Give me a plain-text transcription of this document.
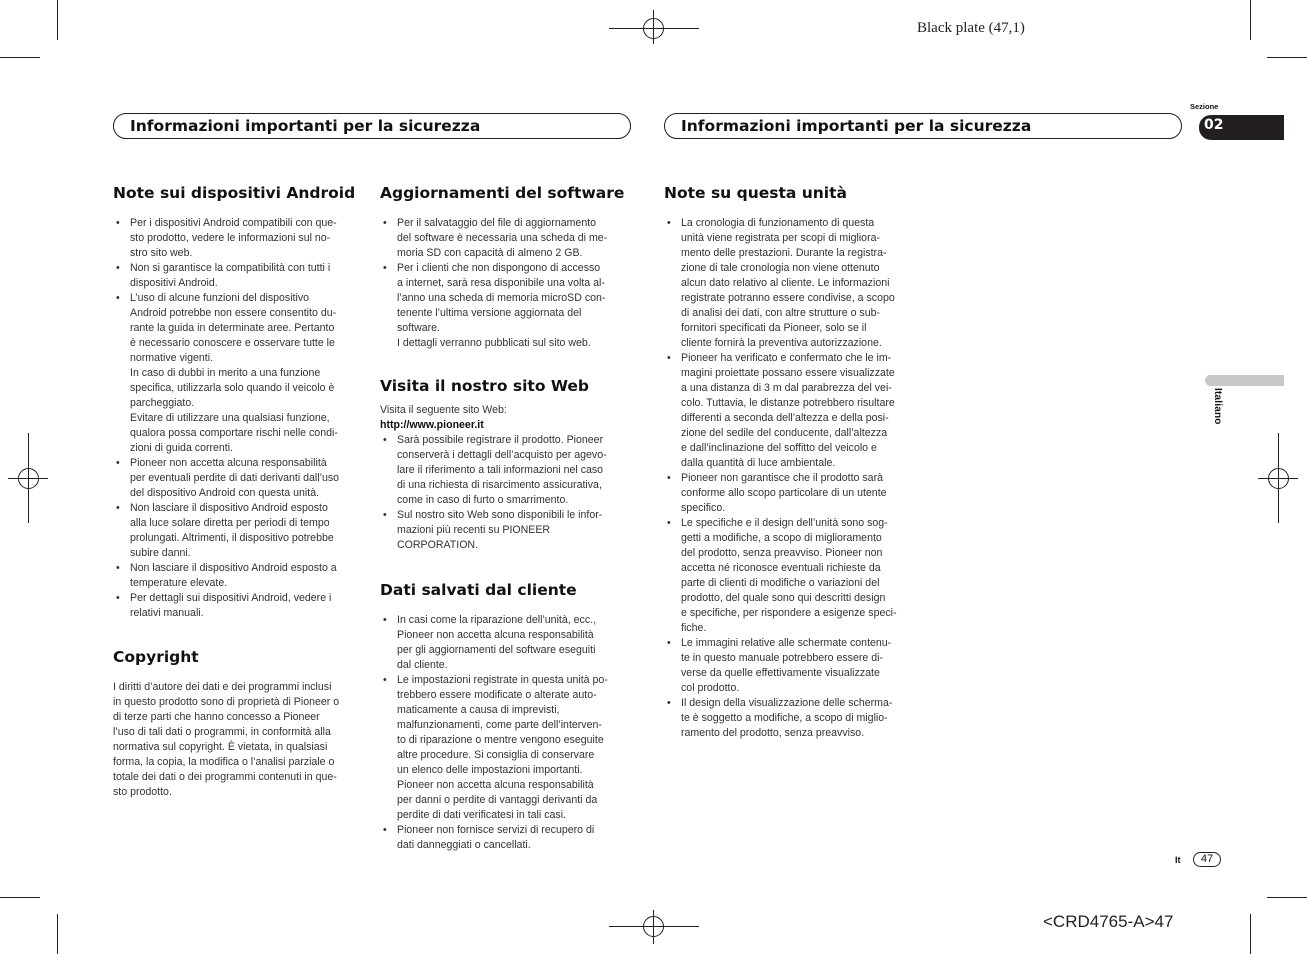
Black plate (47,1)
Informazioni importanti per la sicurezza	Informazioni importanti per la sicurezza
Sezione
02
Italiano
Note sui dispositivi Android
• Per i dispositivi Android compatibili con que-
sto prodotto, vedere le informazioni sul no-
stro sito web.
• Non si garantisce la compatibilità con tutti i
dispositivi Android.
• L’uso di alcune funzioni del dispositivo
Android potrebbe non essere consentito du-
rante la guida in determinate aree. Pertanto
è necessario conoscere e osservare tutte le
normative vigenti.
In caso di dubbi in merito a una funzione
specifica, utilizzarla solo quando il veicolo è
parcheggiato.
Evitare di utilizzare una qualsiasi funzione,
qualora possa comportare rischi nelle condi-
zioni di guida correnti.
• Pioneer non accetta alcuna responsabilità
per eventuali perdite di dati derivanti dall’uso
del dispositivo Android con questa unità.
• Non lasciare il dispositivo Android esposto
alla luce solare diretta per periodi di tempo
prolungati. Altrimenti, il dispositivo potrebbe
subire danni.
• Non lasciare il dispositivo Android esposto a
temperature elevate.
• Per dettagli sui dispositivi Android, vedere i
relativi manuali.
Copyright

I diritti d’autore dei dati e dei programmi inclusi
in questo prodotto sono di proprietà di Pioneer o
di terze parti che hanno concesso a Pioneer
l’uso di tali dati o programmi, in conformità alla
normativa sul copyright. È vietata, in qualsiasi
forma, la copia, la modifica o l’analisi parziale o
totale dei dati o dei programmi contenuti in que-
sto prodotto.

Aggiornamenti del software
• Per il salvataggio del file di aggiornamento
del software è necessaria una scheda di me-
moria SD con capacità di almeno 2 GB.
• Per i clienti che non dispongono di accesso
a internet, sarà resa disponibile una volta al-
l’anno una scheda di memoria microSD con-
tenente l’ultima versione aggiornata del
software.
I dettagli verranno pubblicati sul sito web.
Visita il nostro sito Web

Visita il seguente sito Web:

http://www.pioneer.it

• Sarà possibile registrare il prodotto. Pioneer
conserverà i dettagli dell’acquisto per agevo-
lare il riferimento a tali informazioni nel caso
di una richiesta di risarcimento assicurativa,
come in caso di furto o smarrimento.
• Sul nostro sito Web sono disponibili le infor-
mazioni più recenti su PIONEER
CORPORATION.
Dati salvati dal cliente
• In casi come la riparazione dell’unità, ecc.,
Pioneer non accetta alcuna responsabilità
per gli aggiornamenti del software eseguiti
dal cliente.
• Le impostazioni registrate in questa unità po-
trebbero essere modificate o alterate auto-
maticamente a causa di imprevisti,
malfunzionamenti, come parte dell’interven-
to di riparazione o mentre vengono eseguite
altre procedure. Si consiglia di conservare
un elenco delle impostazioni importanti.
Pioneer non accetta alcuna responsabilità
per danni o perdite di vantaggi derivanti da
perdite di dati verificatesi in tali casi.
• Pioneer non fornisce servizi di recupero di
dati danneggiati o cancellati.
Note su questa unità
• La cronologia di funzionamento di questa
unità viene registrata per scopi di migliora-
mento delle prestazioni. Durante la registra-
zione di tale cronologia non viene ottenuto
alcun dato relativo al cliente. Le informazioni
registrate potranno essere condivise, a scopo
di analisi dei dati, con altre strutture o sub-
fornitori specificati da Pioneer, solo se il
cliente fornirà la preventiva autorizzazione.
• Pioneer ha verificato e confermato che le im-
magini proiettate possano essere visualizzate
a una distanza di 3 m dal parabrezza del vei-
colo. Tuttavia, le distanze potrebbero risultare
differenti a seconda dell’altezza e della posi-
zione del sedile del conducente, dall’altezza
e dall’inclinazione del soffitto del veicolo e
dalla quantità di luce ambientale.
• Pioneer non garantisce che il prodotto sarà
conforme allo scopo particolare di un utente
specifico.
• Le specifiche e il design dell’unità sono sog-
getti a modifiche, a scopo di miglioramento
del prodotto, senza preavviso. Pioneer non
accetta né riconosce eventuali richieste da
parte di clienti di modifiche o variazioni del
prodotto, del quale sono qui descritti design
e specifiche, per rispondere a esigenze speci-
fiche.
• Le immagini relative alle schermate contenu-
te in questo manuale potrebbero essere di-
verse da quelle effettivamente visualizzate
col prodotto.
• Il design della visualizzazione delle scherma-
te è soggetto a modifiche, a scopo di miglio-
ramento del prodotto, senza preavviso.
It	47
<CRD4765-A>47
